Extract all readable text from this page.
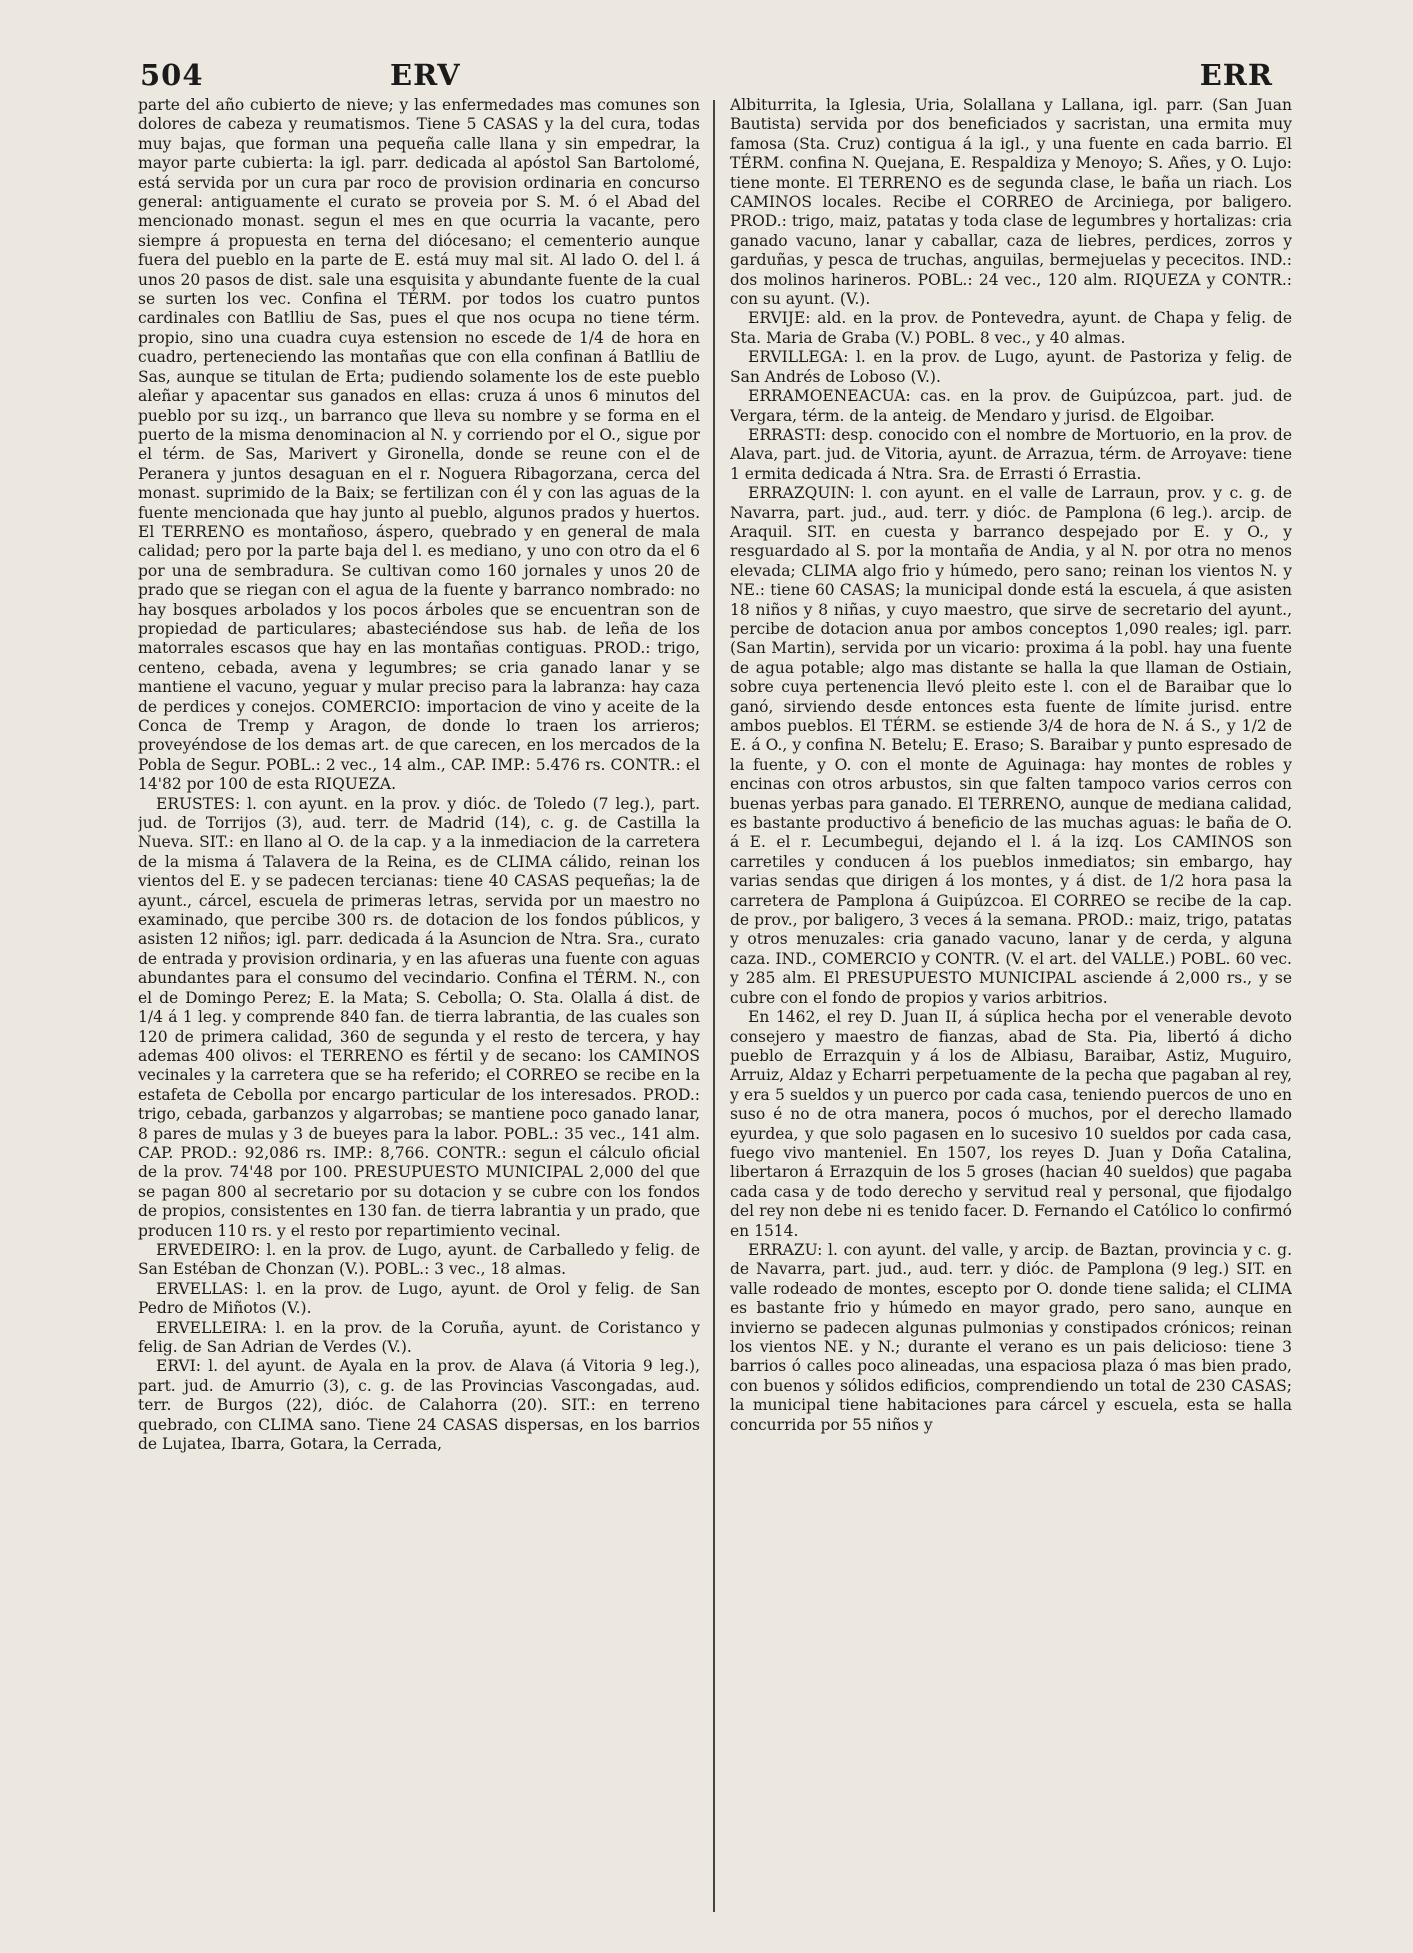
504	ERV	ERR

parte del año cubierto de nieve; y las enfermedades mas comunes son dolores de cabeza y reumatismos. Tiene 5 CASAS y la del cura, todas muy bajas, que forman una pequeña calle llana y sin empedrar, la mayor parte cubierta: la igl. parr. dedicada al apóstol San Bartolomé, está servida por un cura par roco de provision ordinaria en concurso general: antiguamente el curato se proveia por S. M. ó el Abad del mencionado monast. segun el mes en que ocurria la vacante, pero siempre á propuesta en terna del diócesano; el cementerio aunque fuera del pueblo en la parte de E. está muy mal sit. Al lado O. del l. á unos 20 pasos de dist. sale una esquisita y abundante fuente de la cual se surten los vec. Confina el TÉRM. por todos los cuatro puntos cardinales con Batlliu de Sas, pues el que nos ocupa no tiene térm. propio, sino una cuadra cuya estension no escede de 1/4 de hora en cuadro, perteneciendo las montañas que con ella confinan á Batlliu de Sas, aunque se titulan de Erta; pudiendo solamente los de este pueblo aleñar y apacentar sus ganados en ellas: cruza á unos 6 minutos del pueblo por su izq., un barranco que lleva su nombre y se forma en el puerto de la misma denominacion al N. y corriendo por el O., sigue por el térm. de Sas, Marivert y Gironella, donde se reune con el de Peranera y juntos desaguan en el r. Noguera Ribagorzana, cerca del monast. suprimido de la Baix; se fertilizan con él y con las aguas de la fuente mencionada que hay junto al pueblo, algunos prados y huertos. El TERRENO es montañoso, áspero, quebrado y en general de mala calidad; pero por la parte baja del l. es mediano, y uno con otro da el 6 por una de sembradura. Se cultivan como 160 jornales y unos 20 de prado que se riegan con el agua de la fuente y barranco nombrado: no hay bosques arbolados y los pocos árboles que se encuentran son de propiedad de particulares; abasteciéndose sus hab. de leña de los matorrales escasos que hay en las montañas contiguas. PROD.: trigo, centeno, cebada, avena y legumbres; se cria ganado lanar y se mantiene el vacuno, yeguar y mular preciso para la labranza: hay caza de perdices y conejos. COMERCIO: importacion de vino y aceite de la Conca de Tremp y Aragon, de donde lo traen los arrieros; proveyéndose de los demas art. de que carecen, en los mercados de la Pobla de Segur. POBL.: 2 vec., 14 alm., CAP. IMP.: 5.476 rs. CONTR.: el 14'82 por 100 de esta RIQUEZA.

ERUSTES: l. con ayunt. en la prov. y dióc. de Toledo (7 leg.), part. jud. de Torrijos (3), aud. terr. de Madrid (14), c. g. de Castilla la Nueva. SIT.: en llano al O. de la cap. y a la inmediacion de la carretera de la misma á Talavera de la Reina, es de CLIMA cálido, reinan los vientos del E. y se padecen tercianas: tiene 40 CASAS pequeñas; la de ayunt., cárcel, escuela de primeras letras, servida por un maestro no examinado, que percibe 300 rs. de dotacion de los fondos públicos, y asisten 12 niños; igl. parr. dedicada á la Asuncion de Ntra. Sra., curato de entrada y provision ordinaria, y en las afueras una fuente con aguas abundantes para el consumo del vecindario. Confina el TÉRM. N., con el de Domingo Perez; E. la Mata; S. Cebolla; O. Sta. Olalla á dist. de 1/4 á 1 leg. y comprende 840 fan. de tierra labrantia, de las cuales son 120 de primera calidad, 360 de segunda y el resto de tercera, y hay ademas 400 olivos: el TERRENO es fértil y de secano: los CAMINOS vecinales y la carretera que se ha referido; el CORREO se recibe en la estafeta de Cebolla por encargo particular de los interesados. PROD.: trigo, cebada, garbanzos y algarrobas; se mantiene poco ganado lanar, 8 pares de mulas y 3 de bueyes para la labor. POBL.: 35 vec., 141 alm. CAP. PROD.: 92,086 rs. IMP.: 8,766. CONTR.: segun el cálculo oficial de la prov. 74'48 por 100. PRESUPUESTO MUNICIPAL 2,000 del que se pagan 800 al secretario por su dotacion y se cubre con los fondos de propios, consistentes en 130 fan. de tierra labrantia y un prado, que producen 110 rs. y el resto por repartimiento vecinal.

ERVEDEIRO: l. en la prov. de Lugo, ayunt. de Carballedo y felig. de San Estéban de Chonzan (V.). POBL.: 3 vec., 18 almas.

ERVELLAS: l. en la prov. de Lugo, ayunt. de Orol y felig. de San Pedro de Miñotos (V.).

ERVELLEIRA: l. en la prov. de la Coruña, ayunt. de Coristanco y felig. de San Adrian de Verdes (V.).

ERVI: l. del ayunt. de Ayala en la prov. de Alava (á Vitoria 9 leg.), part. jud. de Amurrio (3), c. g. de las Provincias Vascongadas, aud. terr. de Burgos (22), dióc. de Calahorra (20). SIT.: en terreno quebrado, con CLIMA sano. Tiene 24 CASAS dispersas, en los barrios de Lujatea, Ibarra, Gotara, la Cerrada,

Albiturrita, la Iglesia, Uria, Solallana y Lallana, igl. parr. (San Juan Bautista) servida por dos beneficiados y sacristan, una ermita muy famosa (Sta. Cruz) contigua á la igl., y una fuente en cada barrio. El TÉRM. confina N. Quejana, E. Respaldiza y Menoyo; S. Añes, y O. Lujo: tiene monte. El TERRENO es de segunda clase, le baña un riach. Los CAMINOS locales. Recibe el CORREO de Arciniega, por baligero. PROD.: trigo, maiz, patatas y toda clase de legumbres y hortalizas: cria ganado vacuno, lanar y caballar, caza de liebres, perdices, zorros y garduñas, y pesca de truchas, anguilas, bermejuelas y pececitos. IND.: dos molinos harineros. POBL.: 24 vec., 120 alm. RIQUEZA y CONTR.: con su ayunt. (V.).

ERVIJE: ald. en la prov. de Pontevedra, ayunt. de Chapa y felig. de Sta. Maria de Graba (V.) POBL. 8 vec., y 40 almas.

ERVILLEGA: l. en la prov. de Lugo, ayunt. de Pastoriza y felig. de San Andrés de Loboso (V.).

ERRAMOENEACUA: cas. en la prov. de Guipúzcoa, part. jud. de Vergara, térm. de la anteig. de Mendaro y jurisd. de Elgoibar.

ERRASTI: desp. conocido con el nombre de Mortuorio, en la prov. de Alava, part. jud. de Vitoria, ayunt. de Arrazua, térm. de Arroyave: tiene 1 ermita dedicada á Ntra. Sra. de Errasti ó Errastia.

ERRAZQUIN: l. con ayunt. en el valle de Larraun, prov. y c. g. de Navarra, part. jud., aud. terr. y dióc. de Pamplona (6 leg.). arcip. de Araquil. SIT. en cuesta y barranco despejado por E. y O., y resguardado al S. por la montaña de Andia, y al N. por otra no menos elevada; CLIMA algo frio y húmedo, pero sano; reinan los vientos N. y NE.: tiene 60 CASAS; la municipal donde está la escuela, á que asisten 18 niños y 8 niñas, y cuyo maestro, que sirve de secretario del ayunt., percibe de dotacion anua por ambos conceptos 1,090 reales; igl. parr. (San Martin), servida por un vicario: proxima á la pobl. hay una fuente de agua potable; algo mas distante se halla la que llaman de Ostiain, sobre cuya pertenencia llevó pleito este l. con el de Baraibar que lo ganó, sirviendo desde entonces esta fuente de límite jurisd. entre ambos pueblos. El TÉRM. se estiende 3/4 de hora de N. á S., y 1/2 de E. á O., y confina N. Betelu; E. Eraso; S. Baraibar y punto espresado de la fuente, y O. con el monte de Aguinaga: hay montes de robles y encinas con otros arbustos, sin que falten tampoco varios cerros con buenas yerbas para ganado. El TERRENO, aunque de mediana calidad, es bastante productivo á beneficio de las muchas aguas: le baña de O. á E. el r. Lecumbegui, dejando el l. á la izq. Los CAMINOS son carretiles y conducen á los pueblos inmediatos; sin embargo, hay varias sendas que dirigen á los montes, y á dist. de 1/2 hora pasa la carretera de Pamplona á Guipúzcoa. El CORREO se recibe de la cap. de prov., por baligero, 3 veces á la semana. PROD.: maiz, trigo, patatas y otros menuzales: cria ganado vacuno, lanar y de cerda, y alguna caza. IND., COMERCIO y CONTR. (V. el art. del VALLE.) POBL. 60 vec. y 285 alm. El PRESUPUESTO MUNICIPAL asciende á 2,000 rs., y se cubre con el fondo de propios y varios arbitrios.

En 1462, el rey D. Juan II, á súplica hecha por el venerable devoto consejero y maestro de fianzas, abad de Sta. Pia, libertó á dicho pueblo de Errazquin y á los de Albiasu, Baraibar, Astiz, Muguiro, Arruiz, Aldaz y Echarri perpetuamente de la pecha que pagaban al rey, y era 5 sueldos y un puerco por cada casa, teniendo puercos de uno en suso é no de otra manera, pocos ó muchos, por el derecho llamado eyurdea, y que solo pagasen en lo sucesivo 10 sueldos por cada casa, fuego vivo manteniel. En 1507, los reyes D. Juan y Doña Catalina, libertaron á Errazquin de los 5 groses (hacian 40 sueldos) que pagaba cada casa y de todo derecho y servitud real y personal, que fijodalgo del rey non debe ni es tenido facer. D. Fernando el Católico lo confirmó en 1514.

ERRAZU: l. con ayunt. del valle, y arcip. de Baztan, provincia y c. g. de Navarra, part. jud., aud. terr. y dióc. de Pamplona (9 leg.) SIT. en valle rodeado de montes, escepto por O. donde tiene salida; el CLIMA es bastante frio y húmedo en mayor grado, pero sano, aunque en invierno se padecen algunas pulmonias y constipados crónicos; reinan los vientos NE. y N.; durante el verano es un pais delicioso: tiene 3 barrios ó calles poco alineadas, una espaciosa plaza ó mas bien prado, con buenos y sólidos edificios, comprendiendo un total de 230 CASAS; la municipal tiene habitaciones para cárcel y escuela, esta se halla concurrida por 55 niños y
